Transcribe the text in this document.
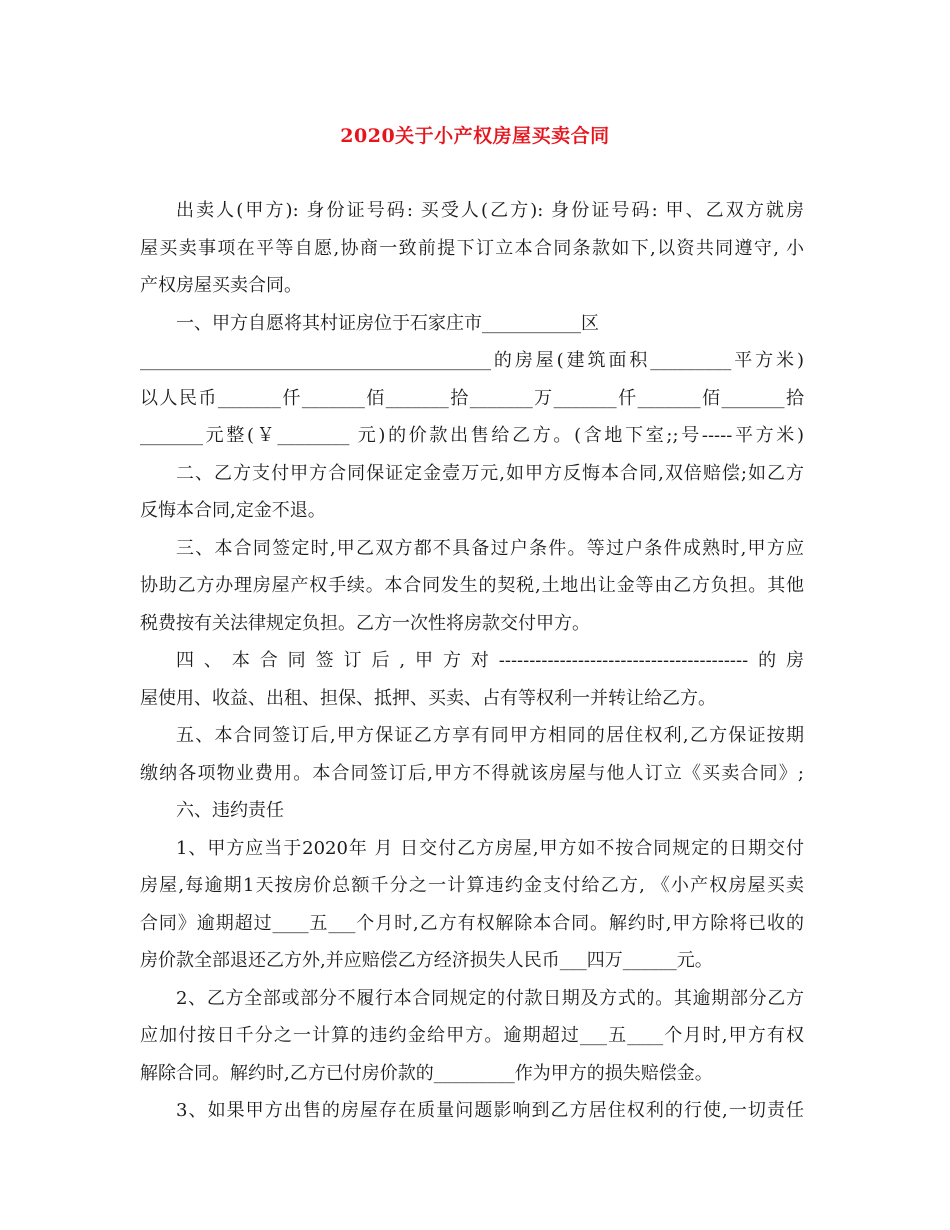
2020关于小产权房屋买卖合同
出卖人(甲方): 身份证号码: 买受人(乙方): 身份证号码: 甲、乙双方就房
屋买卖事项在平等自愿,协商一致前提下订立本合同条款如下,以资共同遵守, 小
产权房屋买卖合同。
一、甲方自愿将其村证房位于石家庄市___________区
_______________________________________的房屋(建筑面积_________平方米)
以人民币_______仟_______佰_______拾_______万_______仟_______佰_______拾
_______元整(￥________ 元)的价款出售给乙方。(含地下室;;号-----平方米)
二、乙方支付甲方合同保证定金壹万元,如甲方反悔本合同,双倍赔偿;如乙方
反悔本合同,定金不退。
三、本合同签定时,甲乙双方都不具备过户条件。等过户条件成熟时,甲方应
协助乙方办理房屋产权手续。本合同发生的契税,土地出让金等由乙方负担。其他
税费按有关法律规定负担。乙方一次性将房款交付甲方。
四、本合同签订后,甲方对-----------------------------------------的房
屋使用、收益、出租、担保、抵押、买卖、占有等权利一并转让给乙方。
五、本合同签订后,甲方保证乙方享有同甲方相同的居住权利,乙方保证按期
缴纳各项物业费用。本合同签订后,甲方不得就该房屋与他人订立《买卖合同》;
六、违约责任
1、甲方应当于2020年 月 日交付乙方房屋,甲方如不按合同规定的日期交付
房屋,每逾期1天按房价总额千分之一计算违约金支付给乙方, 《小产权房屋买卖
合同》逾期超过____五___个月时,乙方有权解除本合同。解约时,甲方除将已收的
房价款全部退还乙方外,并应赔偿乙方经济损失人民币___四万______元。
2、乙方全部或部分不履行本合同规定的付款日期及方式的。其逾期部分乙方
应加付按日千分之一计算的违约金给甲方。逾期超过___五____个月时,甲方有权
解除合同。解约时,乙方已付房价款的_________作为甲方的损失赔偿金。
3、如果甲方出售的房屋存在质量问题影响到乙方居住权利的行使,一切责任
